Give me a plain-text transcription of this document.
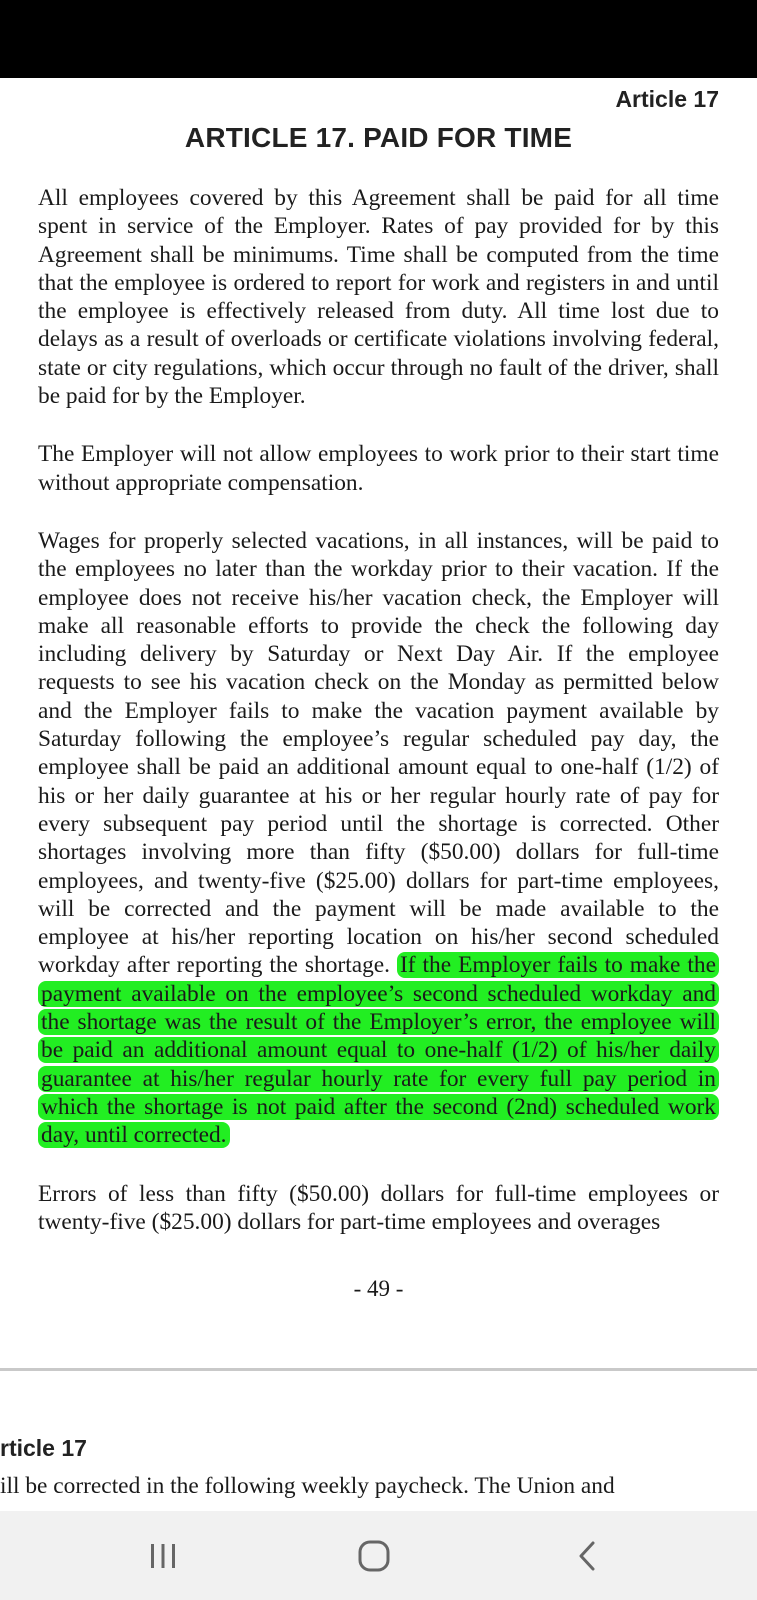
Article 17
ARTICLE 17. PAID FOR TIME

All employees covered by this Agreement shall be paid for all time spent in service of the Employer. Rates of pay provided for by this Agreement shall be minimums. Time shall be computed from the time that the employee is ordered to report for work and registers in and until the employee is effectively released from duty. All time lost due to delays as a result of overloads or certificate violations involving federal, state or city regulations, which occur through no fault of the driver, shall be paid for by the Employer.

The Employer will not allow employees to work prior to their start time without appropriate compensation.

Wages for properly selected vacations, in all instances, will be paid to the employees no later than the workday prior to their vacation. If the employee does not receive his/her vacation check, the Employer will make all reasonable efforts to provide the check the following day including delivery by Saturday or Next Day Air. If the employee requests to see his vacation check on the Monday as permitted below and the Employer fails to make the vacation payment available by Saturday following the employee’s regular scheduled pay day, the employee shall be paid an additional amount equal to one-half (1/2) of his or her daily guarantee at his or her regular hourly rate of pay for every subsequent pay period until the shortage is corrected. Other shortages involving more than fifty ($50.00) dollars for full-time employees, and twenty-five ($25.00) dollars for part-time employees, will be corrected and the payment will be made available to the employee at his/her reporting location on his/her second scheduled workday after reporting the shortage. If the Employer fails to make the payment available on the employee’s second scheduled workday and the shortage was the result of the Employer’s error, the employee will be paid an additional amount equal to one-half (1/2) of his/her daily guarantee at his/her regular hourly rate for every full pay period in which the shortage is not paid after the second (2nd) scheduled work day, until corrected.

Errors of less than fifty ($50.00) dollars for full-time employees or twenty-five ($25.00) dollars for part-time employees and overages

- 49 -
rticle 17
ill be corrected in the following weekly paycheck. The Union and
